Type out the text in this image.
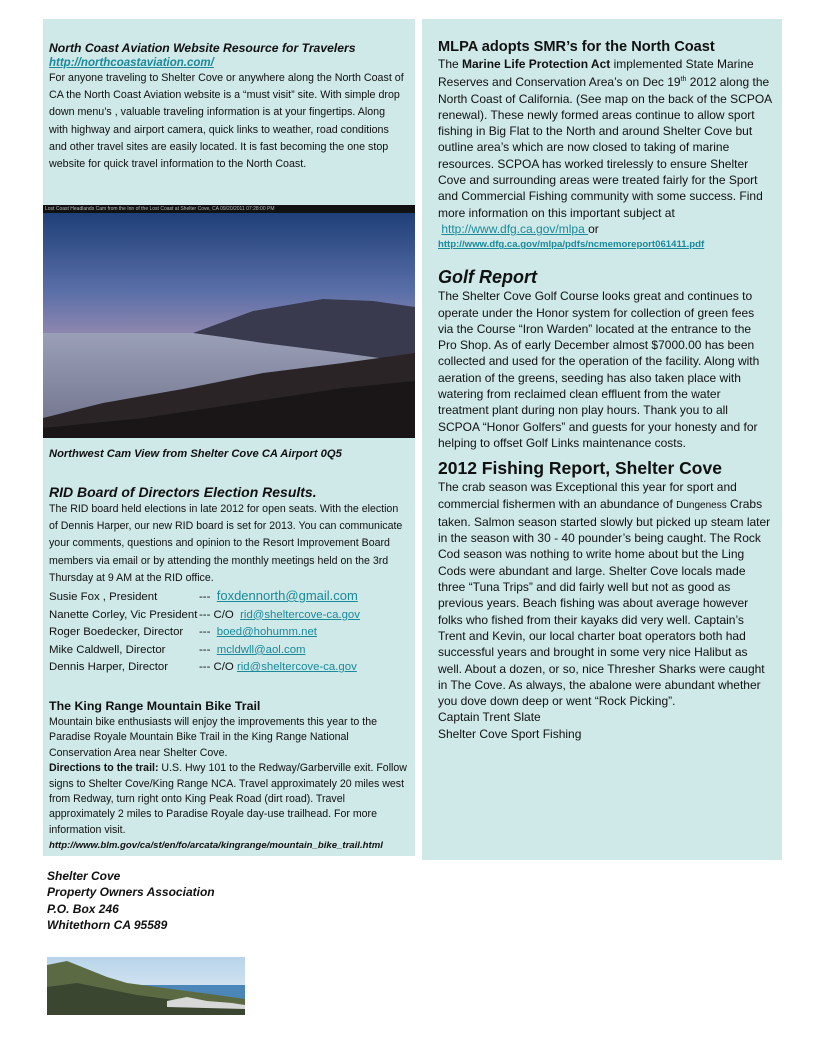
North Coast Aviation Website Resource for Travelers

http://northcoastaviation.com/

For anyone traveling to Shelter Cove or anywhere along the North Coast of CA the North Coast Aviation website is a “must visit” site. With simple drop down menu’s , valuable traveling information is at your fingertips. Along with highway and airport camera, quick links to weather, road conditions and other travel sites are easily located. It is fast becoming the one stop website for quick travel information to the North Coast.

Lost Coast Headlands Cam from the Inn of the Lost Coast at Shelter Cove, CA 09/20/2011 07:28:00 PM

Northwest Cam View from Shelter Cove CA Airport 0Q5

RID Board of Directors Election Results.

The RID board held elections in late 2012 for open seats. With the election of Dennis Harper, our new RID board is set for 2013. You can communicate your comments, questions and opinion to the Resort Improvement Board members via email or by attending the monthly meetings held on the 3rd Thursday at 9 AM at the RID office.

Susie Fox , President	--- foxdennorth@gmail.com
Nanette Corley, Vic President --- C/O rid@sheltercove-ca.gov
Roger Boedecker, Director --- boed@hohumm.net
Mike Caldwell, Director	--- mcldwll@aol.com
Dennis Harper, Director	--- C/O rid@sheltercove-ca.gov

The King Range Mountain Bike Trail

Mountain bike enthusiasts will enjoy the improvements this year to the Paradise Royale Mountain Bike Trail in the King Range National Conservation Area near Shelter Cove.

Directions to the trail: U.S. Hwy 101 to the Redway/Garberville exit. Follow signs to Shelter Cove/King Range NCA. Travel approximately 20 miles west from Redway, turn right onto King Peak Road (dirt road). Travel approximately 2 miles to Paradise Royale day-use trailhead. For more information visit.

http://www.blm.gov/ca/st/en/fo/arcata/kingrange/mountain_bike_trail.html

MLPA adopts SMR’s for the North Coast

The Marine Life Protection Act implemented State Marine Reserves and Conservation Area’s on Dec 19th 2012 along the North Coast of California. (See map on the back of the SCPOA renewal). These newly formed areas continue to allow sport fishing in Big Flat to the North and around Shelter Cove but outline area’s which are now closed to taking of marine resources. SCPOA has worked tirelessly to ensure Shelter Cove and surrounding areas were treated fairly for the Sport and Commercial Fishing community with some success. Find more information on this important subject at

http://www.dfg.ca.gov/mlpa or

http://www.dfg.ca.gov/mlpa/pdfs/ncmemoreport061411.pdf

Golf Report

The Shelter Cove Golf Course looks great and continues to operate under the Honor system for collection of green fees via the Course “Iron Warden” located at the entrance to the Pro Shop. As of early December almost $7000.00 has been collected and used for the operation of the facility. Along with aeration of the greens, seeding has also taken place with watering from reclaimed clean effluent from the water treatment plant during non play hours. Thank you to all SCPOA “Honor Golfers” and guests for your honesty and for helping to offset Golf Links maintenance costs.

2012 Fishing Report, Shelter Cove

The crab season was Exceptional this year for sport and commercial fishermen with an abundance of Dungeness Crabs taken. Salmon season started slowly but picked up steam later in the season with 30 - 40 pounder’s being caught. The Rock Cod season was nothing to write home about but the Ling Cods were abundant and large. Shelter Cove locals made three “Tuna Trips” and did fairly well but not as good as previous years. Beach fishing was about average however folks who fished from their kayaks did very well. Captain’s Trent and Kevin, our local charter boat operators both had successful years and brought in some very nice Halibut as well. About a dozen, or so, nice Thresher Sharks were caught in The Cove. As always, the abalone were abundant whether you dove down deep or went “Rock Picking”.

Captain Trent Slate

Shelter Cove Sport Fishing

Shelter Cove
Property Owners Association
P.O. Box 246
Whitethorn CA 95589
